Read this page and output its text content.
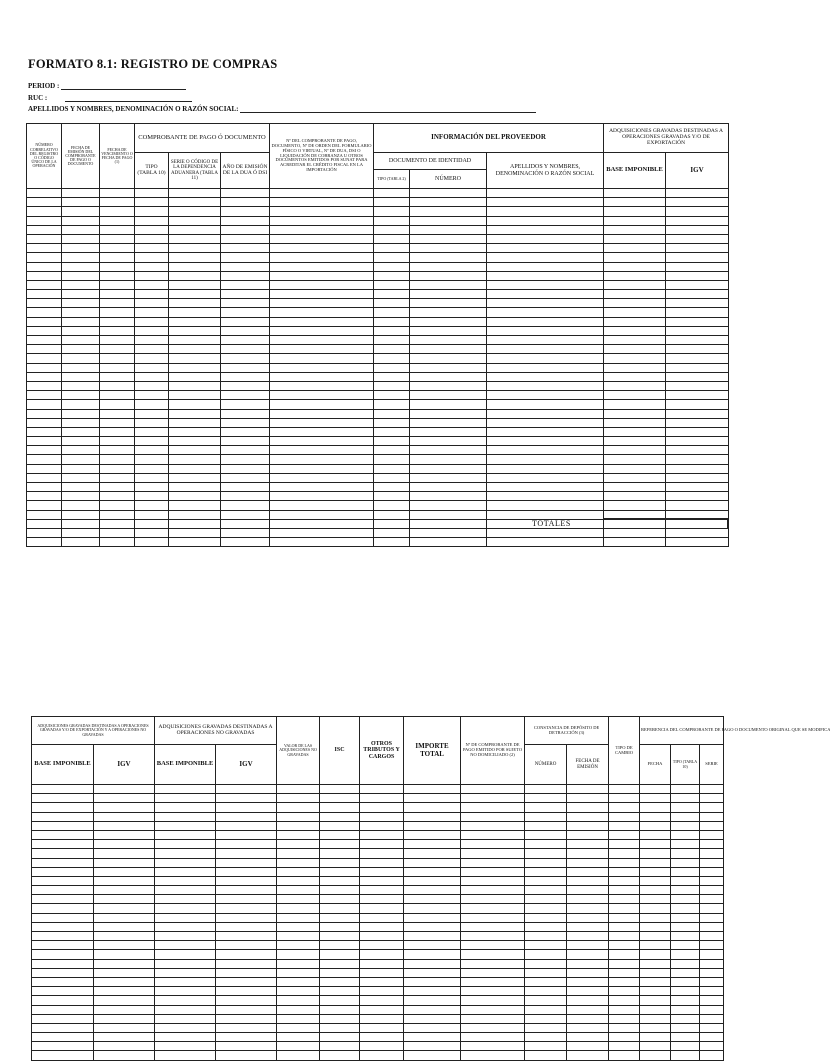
FORMATO 8.1: REGISTRO DE COMPRAS
PERIOD :
RUC :
APELLIDOS Y NOMBRES, DENOMINACIÓN O RAZÓN SOCIAL:
NÚMERO CORRELATIVO DEL REGISTRO O CÓDIGO ÚNICO DE LA OPERACIÓN	FECHA DE EMISIÓN DEL COMPROBANTE DE PAGO O DOCUMENTO	FECHA DE VENCIMIENTO O FECHA DE PAGO (1)	COMPROBANTE DE PAGO Ó DOCUMENTO			Nº DEL COMPROBANTE DE PAGO, DOCUMENTO, Nº DE ORDEN DEL FORMULARIO FÍSICO O VIRTUAL, Nº DE DUA, DSI O LIQUIDACIÓN DE COBRANZA U OTROS DOCUMENTOS EMITIDOS POR SUNAT PARA ACREDITAR EL CRÉDITO FISCAL EN LA IMPORTACIÓN	INFORMACIÓN DEL PROVEEDOR			ADQUISICIONES GRAVADAS DESTINADAS A OPERACIONES GRAVADAS Y/O DE EXPORTACIÓN	
			TIPO (TABLA 10)	SERIE O CÓDIGO DE LA DEPENDENCIA ADUANERA (TABLA 11)	AÑO DE EMISIÓN DE LA DUA Ó DSI		DOCUMENTO DE IDENTIDAD		APELLIDOS Y NOMBRES, DENOMINACIÓN O RAZÓN SOCIAL	BASE IMPONIBLE	IGV
							TIPO (TABLA 2)	NÚMERO			

TOTALES
ADQUISICIONES GRAVADAS DESTINADAS A OPERACIONES GRAVADAS Y/O DE EXPORTACIÓN Y A OPERACIONES NO GRAVADAS		ADQUISICIONES GRAVADAS DESTINADAS A OPERACIONES NO GRAVADAS		VALOR DE LAS ADQUISICIONES NO GRAVADAS	ISC	OTROS TRIBUTOS Y CARGOS	IMPORTE TOTAL	Nº DE COMPROBANTE DE PAGO EMITIDO POR SUJETO NO DOMICILIADO (2)	CONSTANCIA DE DEPÓSITO DE DETRACCIÓN (3)		TIPO DE CAMBIO	REFERENCIA DEL COMPROBANTE DE PAGO O DOCUMENTO ORIGINAL QUE SE MODIFICA		
BASE IMPONIBLE	IGV	BASE IMPONIBLE	IGV						NÚMERO	FECHA DE EMISIÓN		FECHA	TIPO (TABLA 10)	SERIE
